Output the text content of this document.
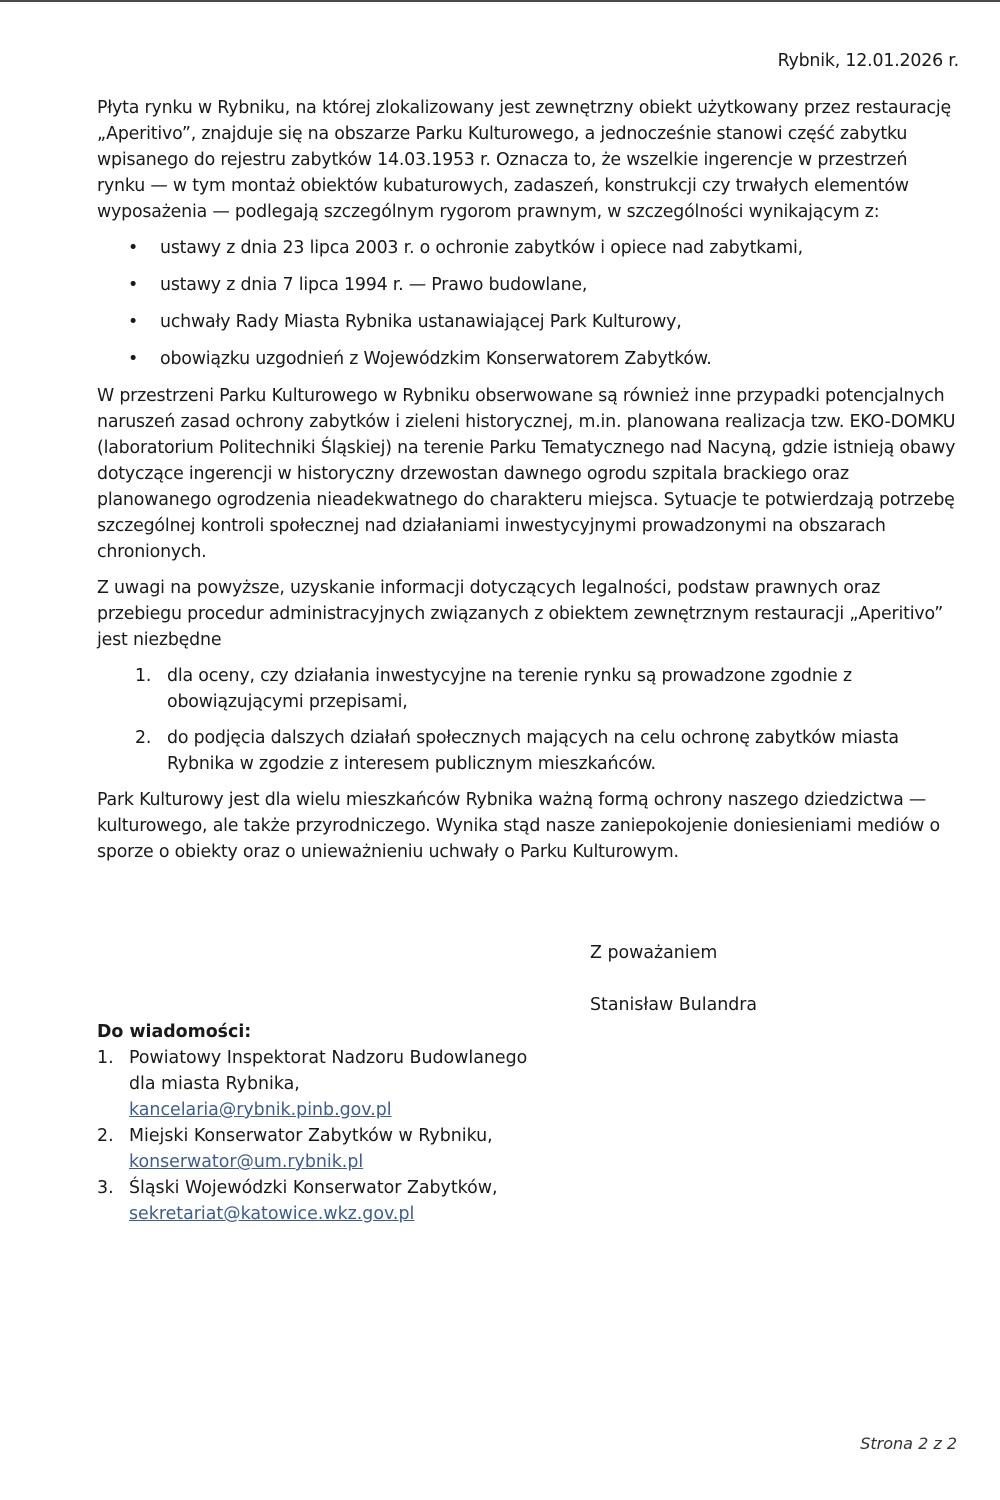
Rybnik, 12.01.2026 r.

Płyta rynku w Rybniku, na której zlokalizowany jest zewnętrzny obiekt użytkowany przez restaurację „Aperitivo”, znajduje się na obszarze Parku Kulturowego, a jednocześnie stanowi część zabytku wpisanego do rejestru zabytków 14.03.1953 r. Oznacza to, że wszelkie ingerencje w przestrzeń rynku — w tym montaż obiektów kubaturowych, zadaszeń, konstrukcji czy trwałych elementów wyposażenia — podlegają szczególnym rygorom prawnym, w szczególności wynikającym z:

• ustawy z dnia 23 lipca 2003 r. o ochronie zabytków i opiece nad zabytkami,
• ustawy z dnia 7 lipca 1994 r. — Prawo budowlane,
• uchwały Rady Miasta Rybnika ustanawiającej Park Kulturowy,
• obowiązku uzgodnień z Wojewódzkim Konserwatorem Zabytków.

W przestrzeni Parku Kulturowego w Rybniku obserwowane są również inne przypadki potencjalnych naruszeń zasad ochrony zabytków i zieleni historycznej, m.in. planowana realizacja tzw. EKO-DOMKU (laboratorium Politechniki Śląskiej) na terenie Parku Tematycznego nad Nacyną, gdzie istnieją obawy dotyczące ingerencji w historyczny drzewostan dawnego ogrodu szpitala brackiego oraz planowanego ogrodzenia nieadekwatnego do charakteru miejsca. Sytuacje te potwierdzają potrzebę szczególnej kontroli społecznej nad działaniami inwestycyjnymi prowadzonymi na obszarach chronionych.

Z uwagi na powyższe, uzyskanie informacji dotyczących legalności, podstaw prawnych oraz przebiegu procedur administracyjnych związanych z obiektem zewnętrznym restauracji „Aperitivo” jest niezbędne

1. dla oceny, czy działania inwestycyjne na terenie rynku są prowadzone zgodnie z obowiązującymi przepisami,
2. do podjęcia dalszych działań społecznych mających na celu ochronę zabytków miasta Rybnika w zgodzie z interesem publicznym mieszkańców.

Park Kulturowy jest dla wielu mieszkańców Rybnika ważną formą ochrony naszego dziedzictwa — kulturowego, ale także przyrodniczego. Wynika stąd nasze zaniepokojenie doniesieniami mediów o sporze o obiekty oraz o unieważnieniu uchwały o Parku Kulturowym.

Z poważaniem
Stanisław Bulandra
Do wiadomości:
1. Powiatowy Inspektorat Nadzoru Budowlanego
dla miasta Rybnika,
kancelaria@rybnik.pinb.gov.pl
2. Miejski Konserwator Zabytków w Rybniku,
konserwator@um.rybnik.pl
3. Śląski Wojewódzki Konserwator Zabytków,
sekretariat@katowice.wkz.gov.pl
Strona 2 z 2
